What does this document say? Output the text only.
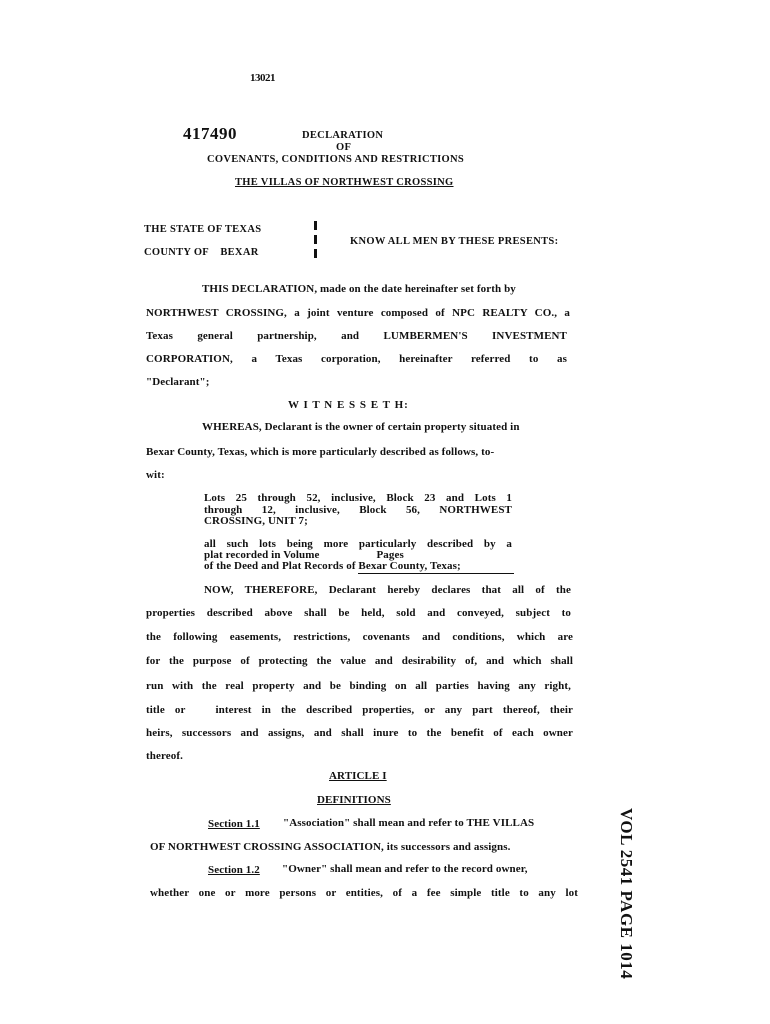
13021
417490	DECLARATION
OF
COVENANTS, CONDITIONS AND RESTRICTIONS
THE VILLAS OF NORTHWEST CROSSING
THE STATE OF TEXAS
COUNTY OF    BEXAR
KNOW ALL MEN BY THESE PRESENTS:
THIS DECLARATION, made on the date hereinafter set forth by
NORTHWEST CROSSING, a joint venture composed of NPC REALTY CO., a
Texas general partnership, and LUMBERMEN'S INVESTMENT
CORPORATION, a Texas corporation, hereinafter referred to as
"Declarant";
W I T N E S S E T H:
WHEREAS, Declarant is the owner of certain property situated in
Bexar County, Texas, which is more particularly described as follows, to-
wit:
Lots 25 through 52, inclusive, Block 23 and Lots 1
through 12, inclusive, Block 56, NORTHWEST
CROSSING, UNIT 7;
all such lots being more particularly described by a
plat recorded in Volume                    Pages
of the Deed and Plat Records of Bexar County, Texas;
NOW, THEREFORE, Declarant hereby declares that all of the
properties described above shall be held, sold and conveyed, subject to
the following easements, restrictions, covenants and conditions, which are
for the purpose of protecting the value and desirability of, and which shall
run with the real property and be binding on all parties having any right,
title or   interest in the described properties, or any part thereof, their
heirs, successors and assigns, and shall inure to the benefit of each owner
thereof.
ARTICLE I
DEFINITIONS
Section 1.1 "Association" shall mean and refer to THE VILLAS
OF NORTHWEST CROSSING ASSOCIATION, its successors and assigns.
Section 1.2 "Owner" shall mean and refer to the record owner,
whether one or more persons or entities, of a fee simple title to any lot VOL 2541 PAGE 1014
